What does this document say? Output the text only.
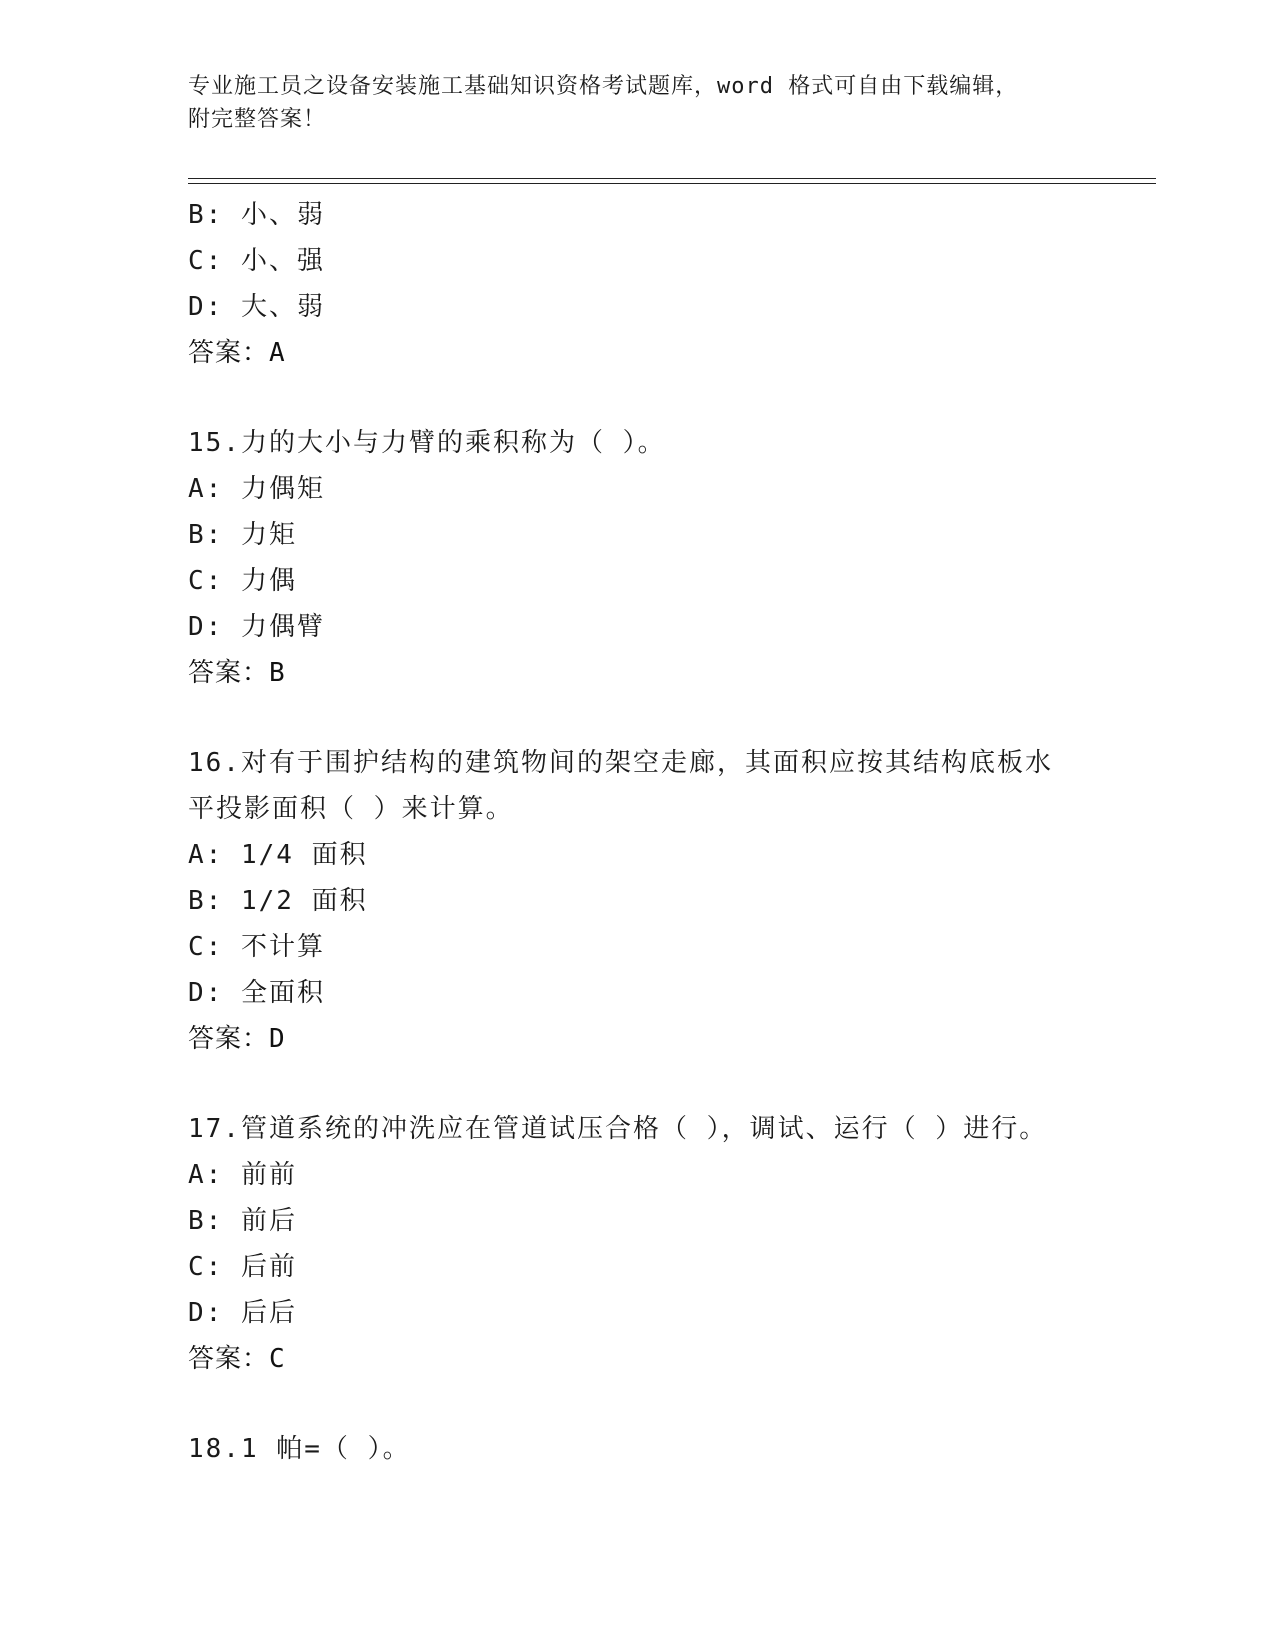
专业施工员之设备安装施工基础知识资格考试题库，word 格式可自由下载编辑，
附完整答案！
B: 小、弱
C: 小、强
D: 大、弱
答案：A
15.力的大小与力臂的乘积称为（ ）。
A: 力偶矩
B: 力矩
C: 力偶
D: 力偶臂
答案：B
16.对有于围护结构的建筑物间的架空走廊，其面积应按其结构底板水
平投影面积（ ）来计算。
A: 1/4 面积
B: 1/2 面积
C: 不计算
D: 全面积
答案：D
17.管道系统的冲洗应在管道试压合格（ ），调试、运行（ ）进行。
A: 前前
B: 前后
C: 后前
D: 后后
答案：C
18.1 帕=（ ）。
